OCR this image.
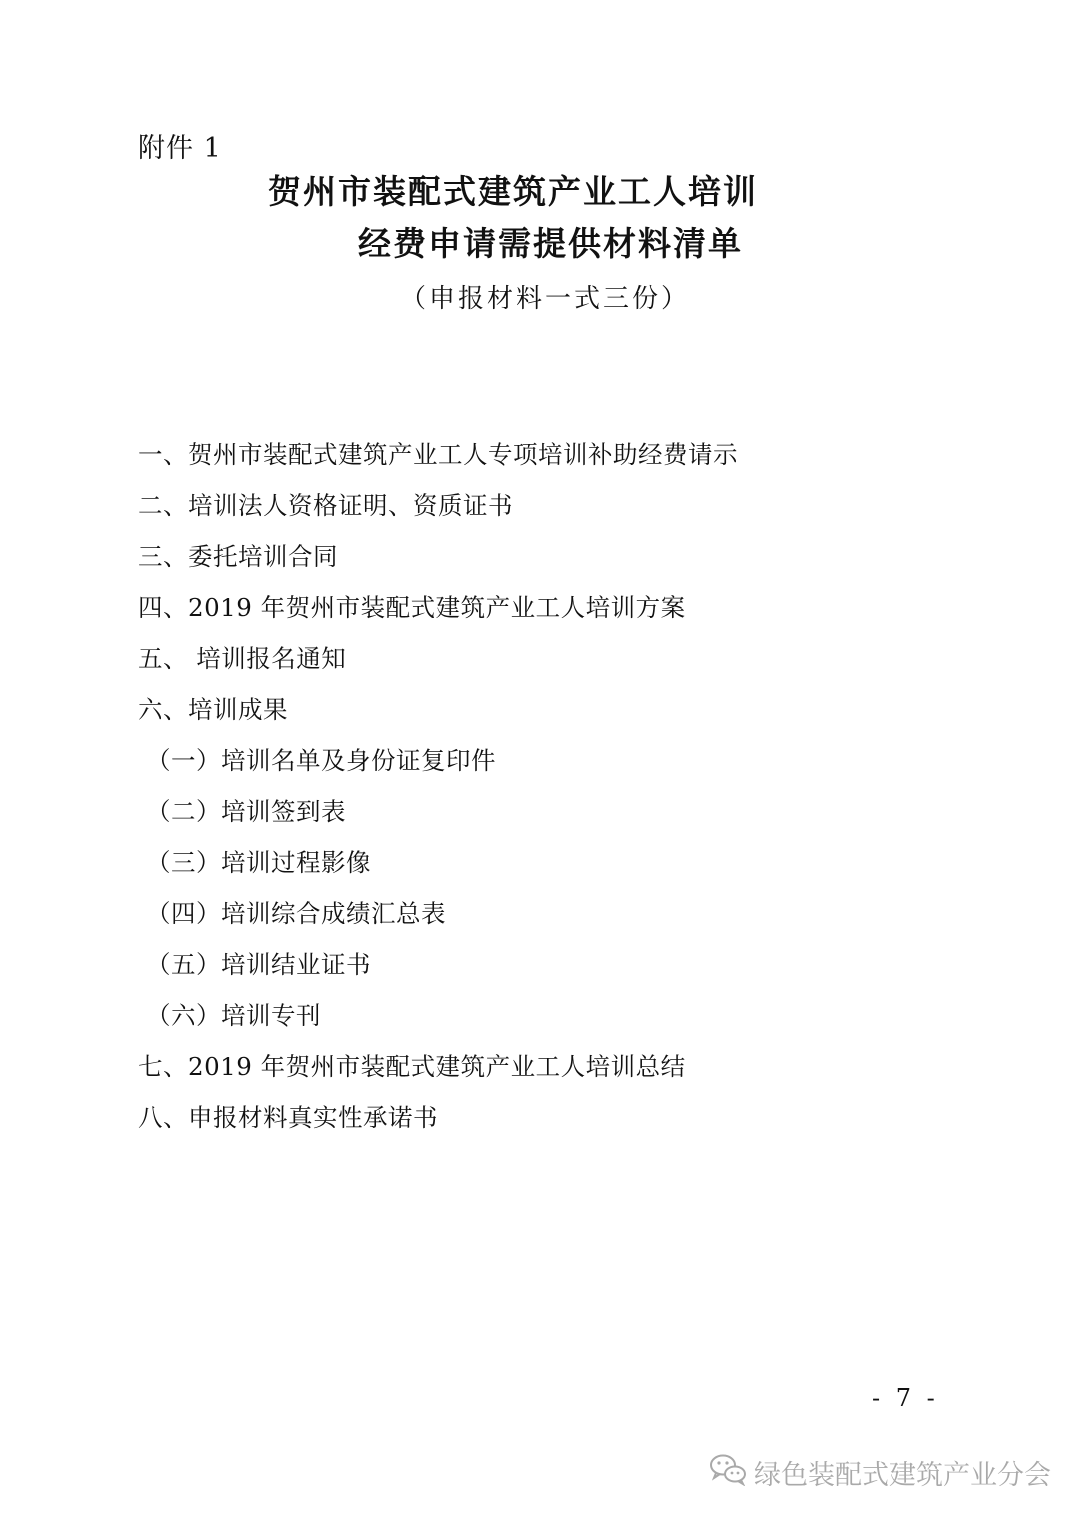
附件 1
贺州市装配式建筑产业工人培训
经费申请需提供材料清单
（申报材料一式三份）
一、贺州市装配式建筑产业工人专项培训补助经费请示
二、培训法人资格证明、资质证书
三、委托培训合同
四、2019 年贺州市装配式建筑产业工人培训方案
五、 培训报名通知
六、培训成果
（一）培训名单及身份证复印件
（二）培训签到表
（三）培训过程影像
（四）培训综合成绩汇总表
（五）培训结业证书
（六）培训专刊
七、2019 年贺州市装配式建筑产业工人培训总结
八、申报材料真实性承诺书
- 7 -
绿色装配式建筑产业分会
